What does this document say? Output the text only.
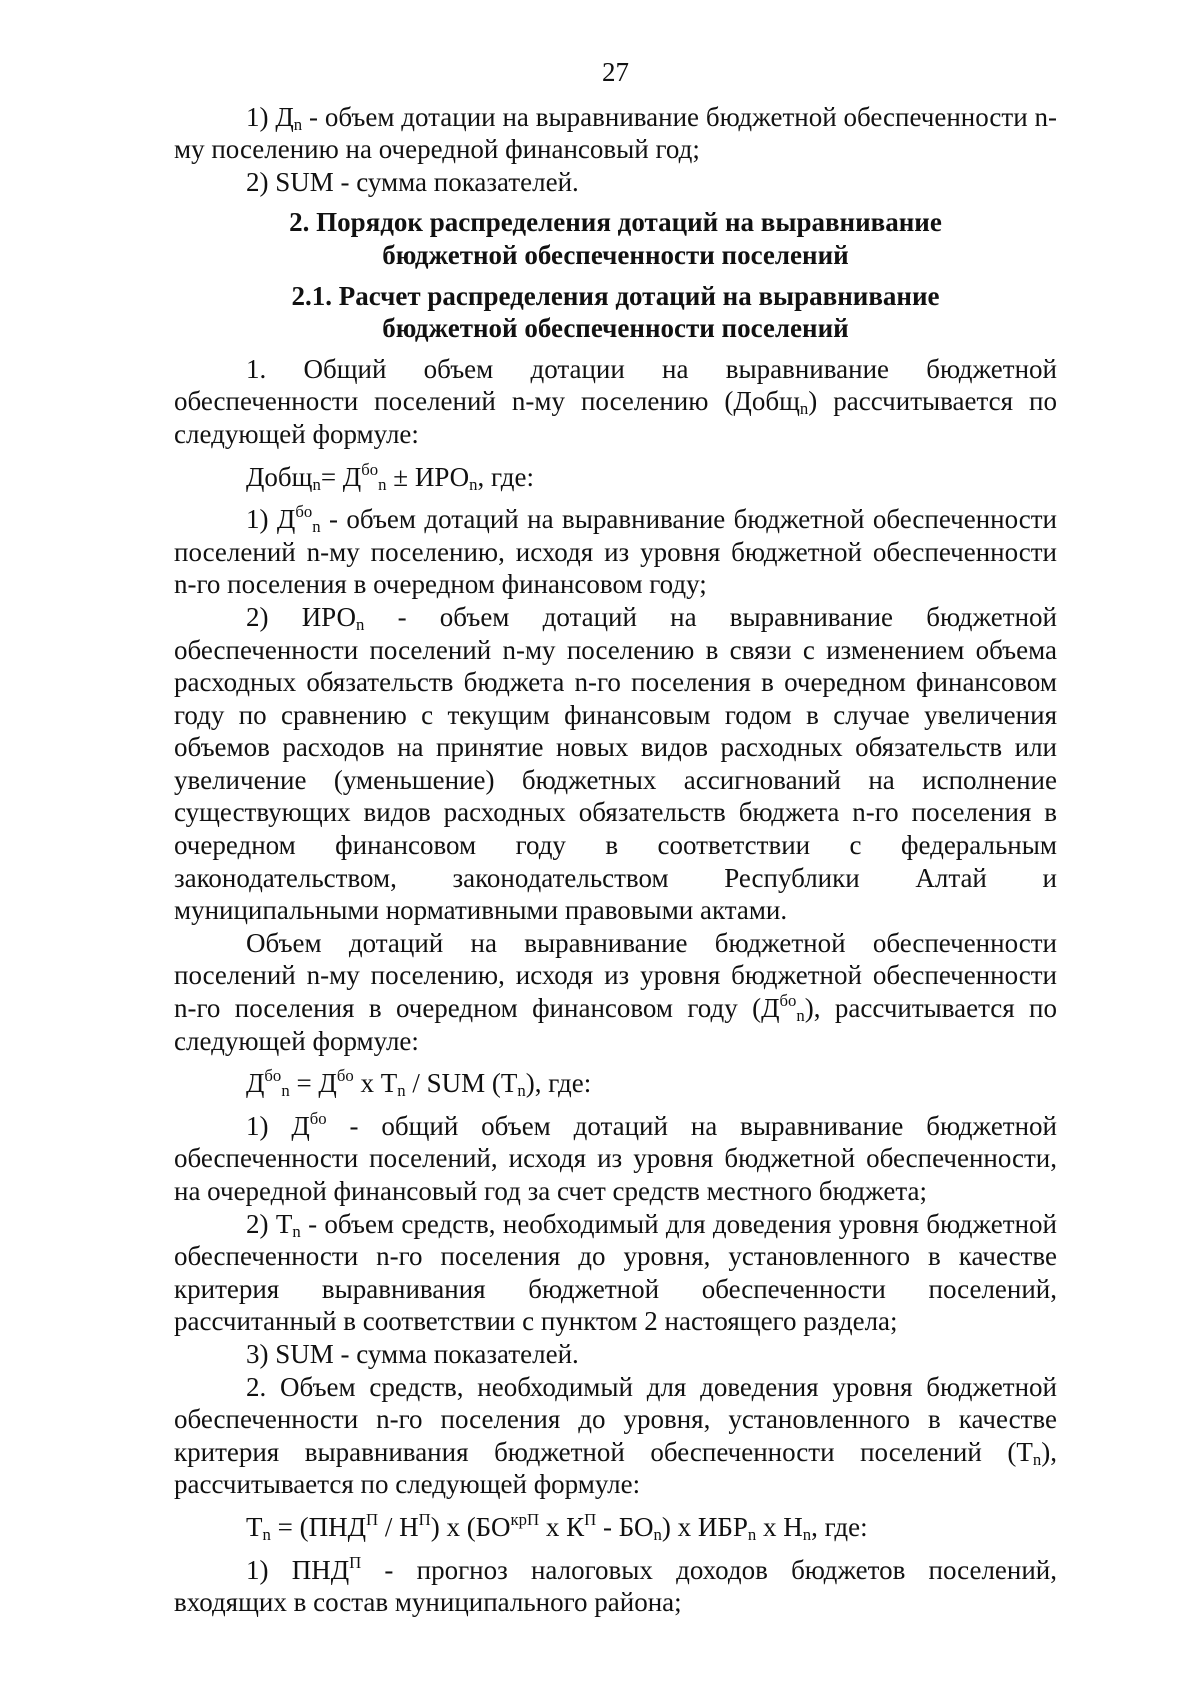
27

1) $Д_n$ - объем дотации на выравнивание бюджетной обеспеченности n-му поселению на очередной финансовый год;

2) SUM - сумма показателей.

2. Порядок распределения дотаций на выравнивание
бюджетной обеспеченности поселений
2.1. Расчет распределения дотаций на выравнивание
бюджетной обеспеченности поселений

1. Общий объем дотации на выравнивание бюджетной обеспеченности поселений n-му поселению (Добщ$_n$) рассчитывается по следующей формуле:

Добщ$_n$= $Д^{бо}_n \pm ИРО_n$, где:

1) $Д^{бо}_n$ - объем дотаций на выравнивание бюджетной обеспеченности поселений n-му поселению, исходя из уровня бюджетной обеспеченности n-го поселения в очередном финансовом году;

2) $ИРО_n$ - объем дотаций на выравнивание бюджетной обеспеченности поселений n-му поселению в связи с изменением объема расходных обязательств бюджета n-го поселения в очередном финансовом году по сравнению с текущим финансовым годом в случае увеличения объемов расходов на принятие новых видов расходных обязательств или увеличение (уменьшение) бюджетных ассигнований на исполнение существующих видов расходных обязательств бюджета n-го поселения в очередном финансовом году в соответствии с федеральным законодательством, законодательством Республики Алтай и муниципальными нормативными правовыми актами.

Объем дотаций на выравнивание бюджетной обеспеченности поселений n-му поселению, исходя из уровня бюджетной обеспеченности n-го поселения в очередном финансовом году $(Д^{бо}_n)$, рассчитывается по следующей формуле:

$Д^{бо}_n = Д^{бо}$ x $Т_n$ / SUM $(Т_n)$, где:

1) $Д^{бо}$ - общий объем дотаций на выравнивание бюджетной обеспеченности поселений, исходя из уровня бюджетной обеспеченности, на очередной финансовый год за счет средств местного бюджета;

2) $Т_n$ - объем средств, необходимый для доведения уровня бюджетной обеспеченности n-го поселения до уровня, установленного в качестве критерия выравнивания бюджетной обеспеченности поселений, рассчитанный в соответствии с пунктом 2 настоящего раздела;

3) SUM - сумма показателей.

2. Объем средств, необходимый для доведения уровня бюджетной обеспеченности n-го поселения до уровня, установленного в качестве критерия выравнивания бюджетной обеспеченности поселений $(Т_n)$, рассчитывается по следующей формуле:

$Т_n = (ПНД^П / Н^П)$ x ($БО^{крП}$ x $К^П - БО_n$) x $ИБР_n$ x $Н_n$, где:

1) $ПНД^П$ - прогноз налоговых доходов бюджетов поселений, входящих в состав муниципального района;
